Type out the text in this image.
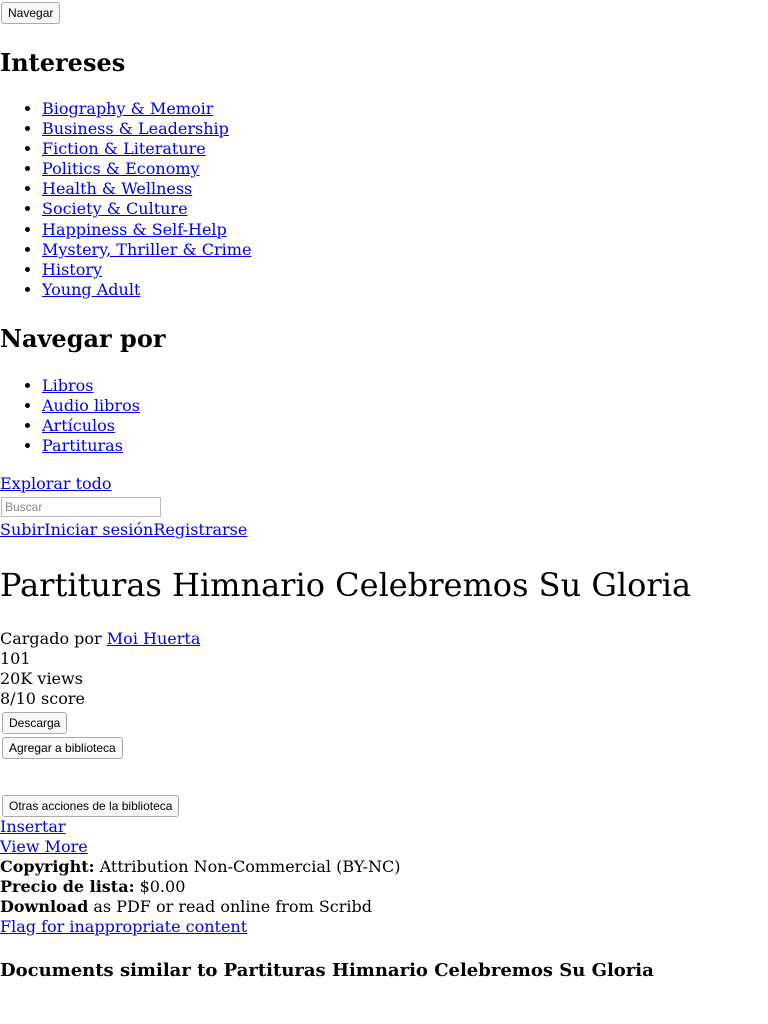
Navegar
Intereses
• Biography & Memoir
• Business & Leadership
• Fiction & Literature
• Politics & Economy
• Health & Wellness
• Society & Culture
• Happiness & Self-Help
• Mystery, Thriller & Crime
• History
• Young Adult
Navegar por
• Libros
• Audio libros
• Artículos
• Partituras
Explorar todo
Buscar
SubirIniciar sesiónRegistrarse
Partituras Himnario Celebremos Su Gloria
Cargado por Moi Huerta
101
20K views
8/10 score
Descarga
Agregar a biblioteca
Otras acciones de la biblioteca
Insertar
View More
Copyright: Attribution Non-Commercial (BY-NC)
Precio de lista: $0.00
Download as PDF or read online from Scribd
Flag for inappropriate content
Documents similar to Partituras Himnario Celebremos Su Gloria
